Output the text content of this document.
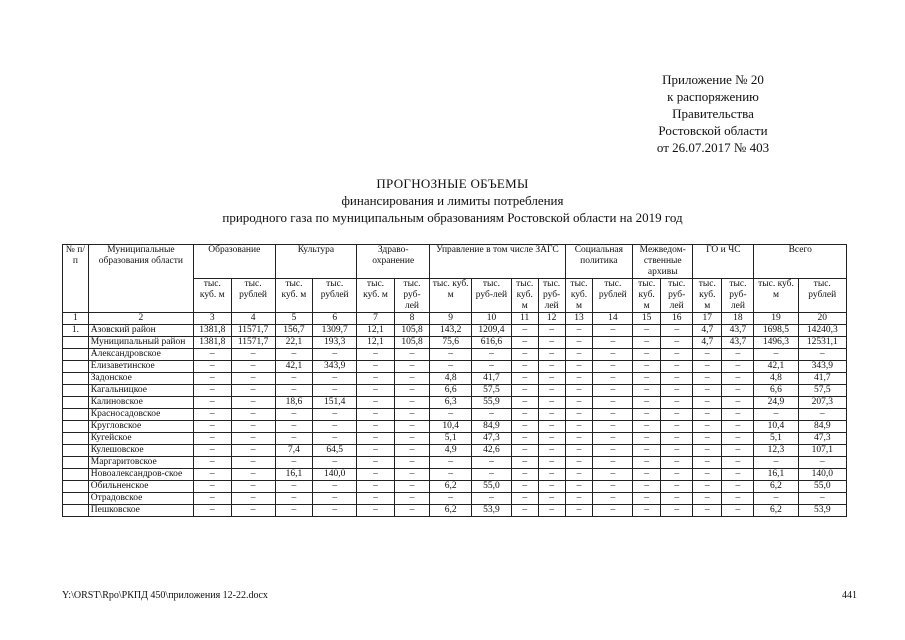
Приложение № 20
к распоряжению
Правительства
Ростовской области
от 26.07.2017 № 403
ПРОГНОЗНЫЕ ОБЪЕМЫ
финансирования и лимиты потребления
природного газа по муниципальным образованиям Ростовской области на 2019 год
№ п/п	Муниципальные образования области	Образование		Культура		Здраво-охранение		Управление в том числе ЗАГС				Социальная политика		Межведом-ственные архивы		ГО и ЧС		Всего	
		тыс. куб. м	тыс. рублей	тыс. куб. м	тыс. рублей	тыс. куб. м	тыс. руб-лей	тыс. куб. м	тыс. руб-лей	тыс. куб. м	тыс. руб-лей	тыс. куб. м	тыс. рублей	тыс. куб. м	тыс. руб-лей	тыс. куб. м	тыс. руб-лей	тыс. куб. м	тыс. рублей
1	2	3	4	5	6	7	8	9	10	11	12	13	14	15	16	17	18	19	20
1.	Азовский район	1381,8	11571,7	156,7	1309,7	12,1	105,8	143,2	1209,4	–	–	–	–	–	–	4,7	43,7	1698,5	14240,3
	Муниципальный район	1381,8	11571,7	22,1	193,3	12,1	105,8	75,6	616,6	–	–	–	–	–	–	4,7	43,7	1496,3	12531,1
	Александровское	–	–	–	–	–	–	–	–	–	–	–	–	–	–	–	–	–	–
	Елизаветинское	–	–	42,1	343,9	–	–	–	–	–	–	–	–	–	–	–	–	42,1	343,9
	Задонское	–	–	–	–	–	–	4,8	41,7	–	–	–	–	–	–	–	–	4,8	41,7
	Кагальницкое	–	–	–	–	–	–	6,6	57,5	–	–	–	–	–	–	–	–	6,6	57,5
	Калиновское	–	–	18,6	151,4	–	–	6,3	55,9	–	–	–	–	–	–	–	–	24,9	207,3
	Красносадовское	–	–	–	–	–	–	–	–	–	–	–	–	–	–	–	–	–	–
	Кругловское	–	–	–	–	–	–	10,4	84,9	–	–	–	–	–	–	–	–	10,4	84,9
	Кугейское	–	–	–	–	–	–	5,1	47,3	–	–	–	–	–	–	–	–	5,1	47,3
	Кулешовское	–	–	7,4	64,5	–	–	4,9	42,6	–	–	–	–	–	–	–	–	12,3	107,1
	Маргаритовское	–	–	–	–	–	–	–	–	–	–	–	–	–	–	–	–	–	–
	Новоалександров-ское	–	–	16,1	140,0	–	–	–	–	–	–	–	–	–	–	–	–	16,1	140,0
	Обильненское	–	–	–	–	–	–	6,2	55,0	–	–	–	–	–	–	–	–	6,2	55,0
	Отрадовское	–	–	–	–	–	–	–	–	–	–	–	–	–	–	–	–	–	–
	Пешковское	–	–	–	–	–	–	6,2	53,9	–	–	–	–	–	–	–	–	6,2	53,9
Y:\ORST\Rpo\РКПД 450\приложения 12-22.docx	441
